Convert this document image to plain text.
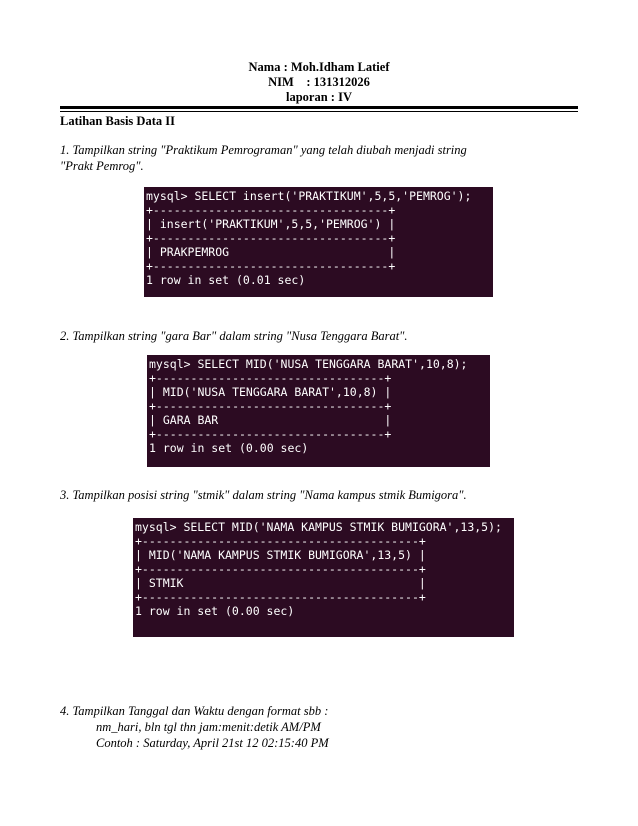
Nama : Moh.Idham Latief
NIM    : 131312026
laporan : IV
Latihan Basis Data II
1. Tampilkan string "Praktikum Pemrograman" yang telah diubah menjadi string
"Prakt Pemrog".
mysql> SELECT insert('PRAKTIKUM',5,5,'PEMROG');
+----------------------------------+
| insert('PRAKTIKUM',5,5,'PEMROG') |
+----------------------------------+
| PRAKPEMROG                       |
+----------------------------------+
1 row in set (0.01 sec)
2. Tampilkan string "gara Bar" dalam string "Nusa Tenggara Barat".
mysql> SELECT MID('NUSA TENGGARA BARAT',10,8);
+---------------------------------+
| MID('NUSA TENGGARA BARAT',10,8) |
+---------------------------------+
| GARA BAR                        |
+---------------------------------+
1 row in set (0.00 sec)
3. Tampilkan posisi string "stmik" dalam string "Nama kampus stmik Bumigora".
mysql> SELECT MID('NAMA KAMPUS STMIK BUMIGORA',13,5);
+----------------------------------------+
| MID('NAMA KAMPUS STMIK BUMIGORA',13,5) |
+----------------------------------------+
| STMIK                                  |
+----------------------------------------+
1 row in set (0.00 sec)
4. Tampilkan Tanggal dan Waktu dengan format sbb :
nm_hari, bln tgl thn jam:menit:detik AM/PM
Contoh : Saturday, April 21st 12 02:15:40 PM
